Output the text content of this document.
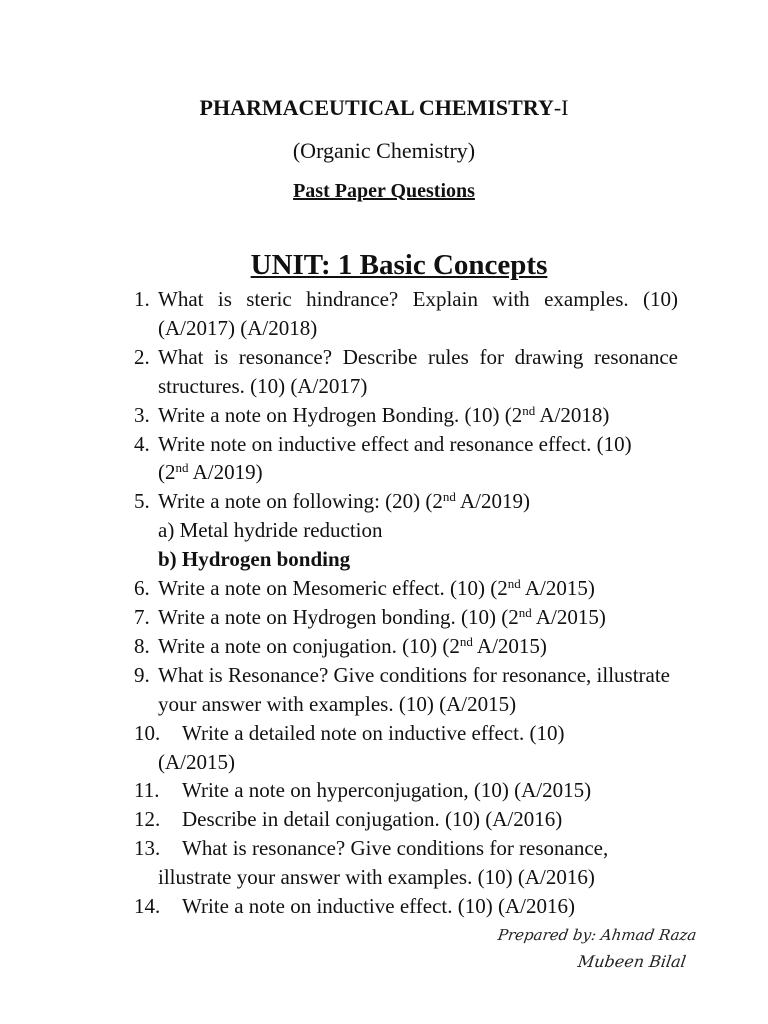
PHARMACEUTICAL CHEMISTRY-I
(Organic Chemistry)
Past Paper Questions
UNIT: 1 Basic Concepts
1. What is steric hindrance? Explain with examples. (10) (A/2017) (A/2018)
2. What is resonance? Describe rules for drawing resonance structures. (10) (A/2017)
3. Write a note on Hydrogen Bonding. (10) (2nd A/2018)
4. Write note on inductive effect and resonance effect. (10)
(2nd A/2019)
5. Write a note on following: (20) (2nd A/2019)
a) Metal hydride reduction
b) Hydrogen bonding
6. Write a note on Mesomeric effect. (10) (2nd A/2015)
7. Write a note on Hydrogen bonding. (10) (2nd A/2015)
8. Write a note on conjugation. (10) (2nd A/2015)
9. What is Resonance? Give conditions for resonance, illustrate your answer with examples. (10) (A/2015)
10.	Write a detailed note on inductive effect. (10)
(A/2015)
11.	Write a note on hyperconjugation, (10) (A/2015)
12.	Describe in detail conjugation. (10) (A/2016)
13.	What is resonance? Give conditions for resonance,
illustrate your answer with examples. (10) (A/2016)
14.	Write a note on inductive effect. (10) (A/2016)
Prepared by: Ahmad Raza
Mubeen Bilal
